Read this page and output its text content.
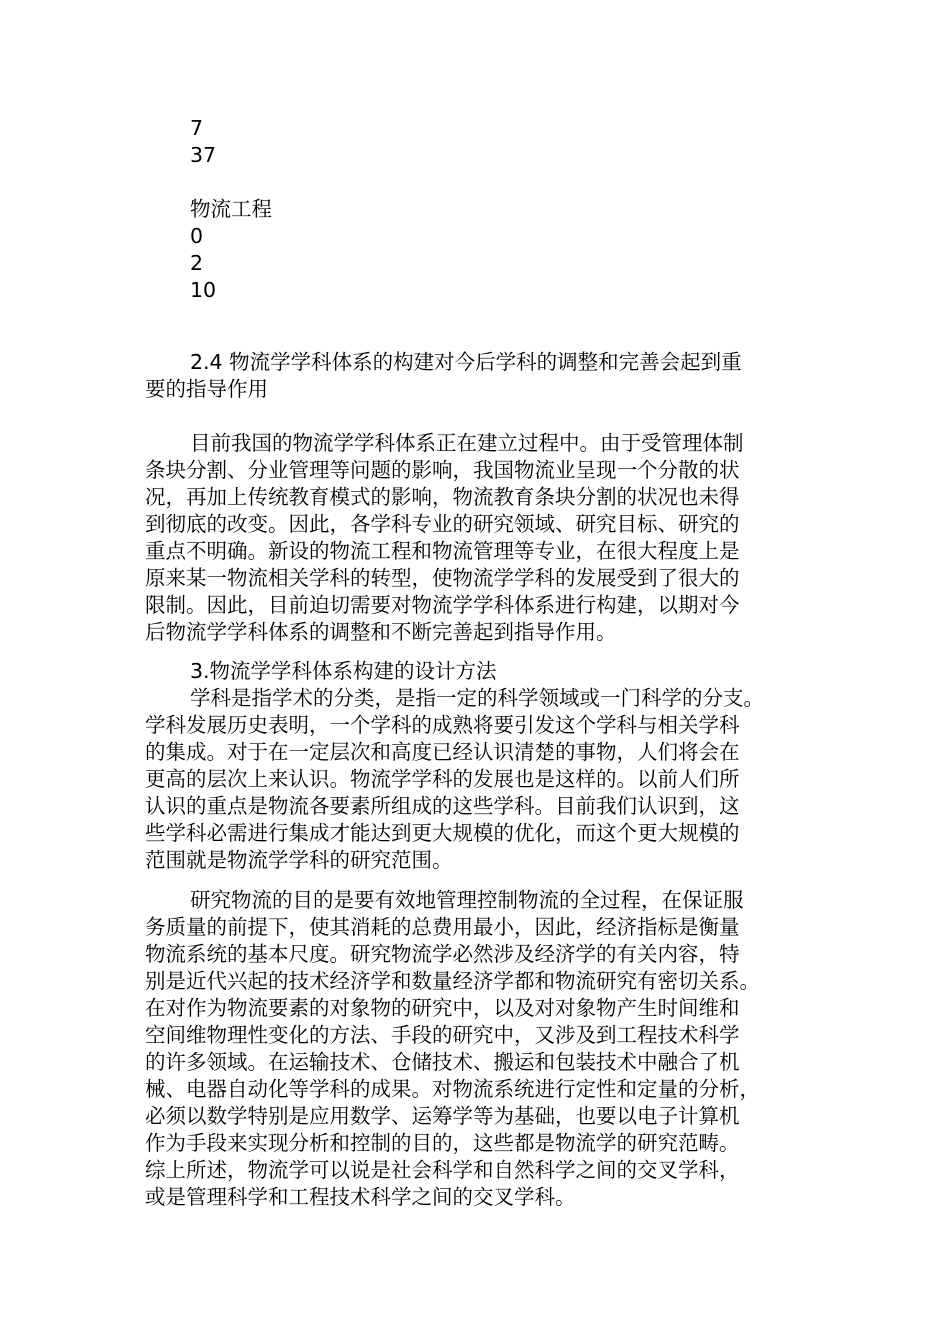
7
37
物流工程
0
2
10
2.4 物流学学科体系的构建对今后学科的调整和完善会起到重
要的指导作用
目前我国的物流学学科体系正在建立过程中。由于受管理体制
条块分割、分业管理等问题的影响，我国物流业呈现一个分散的状
况，再加上传统教育模式的影响，物流教育条块分割的状况也未得
到彻底的改变。因此，各学科专业的研究领域、研究目标、研究的
重点不明确。新设的物流工程和物流管理等专业，在很大程度上是
原来某一物流相关学科的转型，使物流学学科的发展受到了很大的
限制。因此，目前迫切需要对物流学学科体系进行构建，以期对今
后物流学学科体系的调整和不断完善起到指导作用。
3.物流学学科体系构建的设计方法
学科是指学术的分类，是指一定的科学领域或一门科学的分支。
学科发展历史表明，一个学科的成熟将要引发这个学科与相关学科
的集成。对于在一定层次和高度已经认识清楚的事物，人们将会在
更高的层次上来认识。物流学学科的发展也是这样的。以前人们所
认识的重点是物流各要素所组成的这些学科。目前我们认识到，这
些学科必需进行集成才能达到更大规模的优化，而这个更大规模的
范围就是物流学学科的研究范围。
研究物流的目的是要有效地管理控制物流的全过程，在保证服
务质量的前提下，使其消耗的总费用最小，因此，经济指标是衡量
物流系统的基本尺度。研究物流学必然涉及经济学的有关内容，特
别是近代兴起的技术经济学和数量经济学都和物流研究有密切关系。
在对作为物流要素的对象物的研究中，以及对对象物产生时间维和
空间维物理性变化的方法、手段的研究中，又涉及到工程技术科学
的许多领域。在运输技术、仓储技术、搬运和包装技术中融合了机
械、电器自动化等学科的成果。对物流系统进行定性和定量的分析，
必须以数学特别是应用数学、运筹学等为基础，也要以电子计算机
作为手段来实现分析和控制的目的，这些都是物流学的研究范畴。
综上所述，物流学可以说是社会科学和自然科学之间的交叉学科，
或是管理科学和工程技术科学之间的交叉学科。
